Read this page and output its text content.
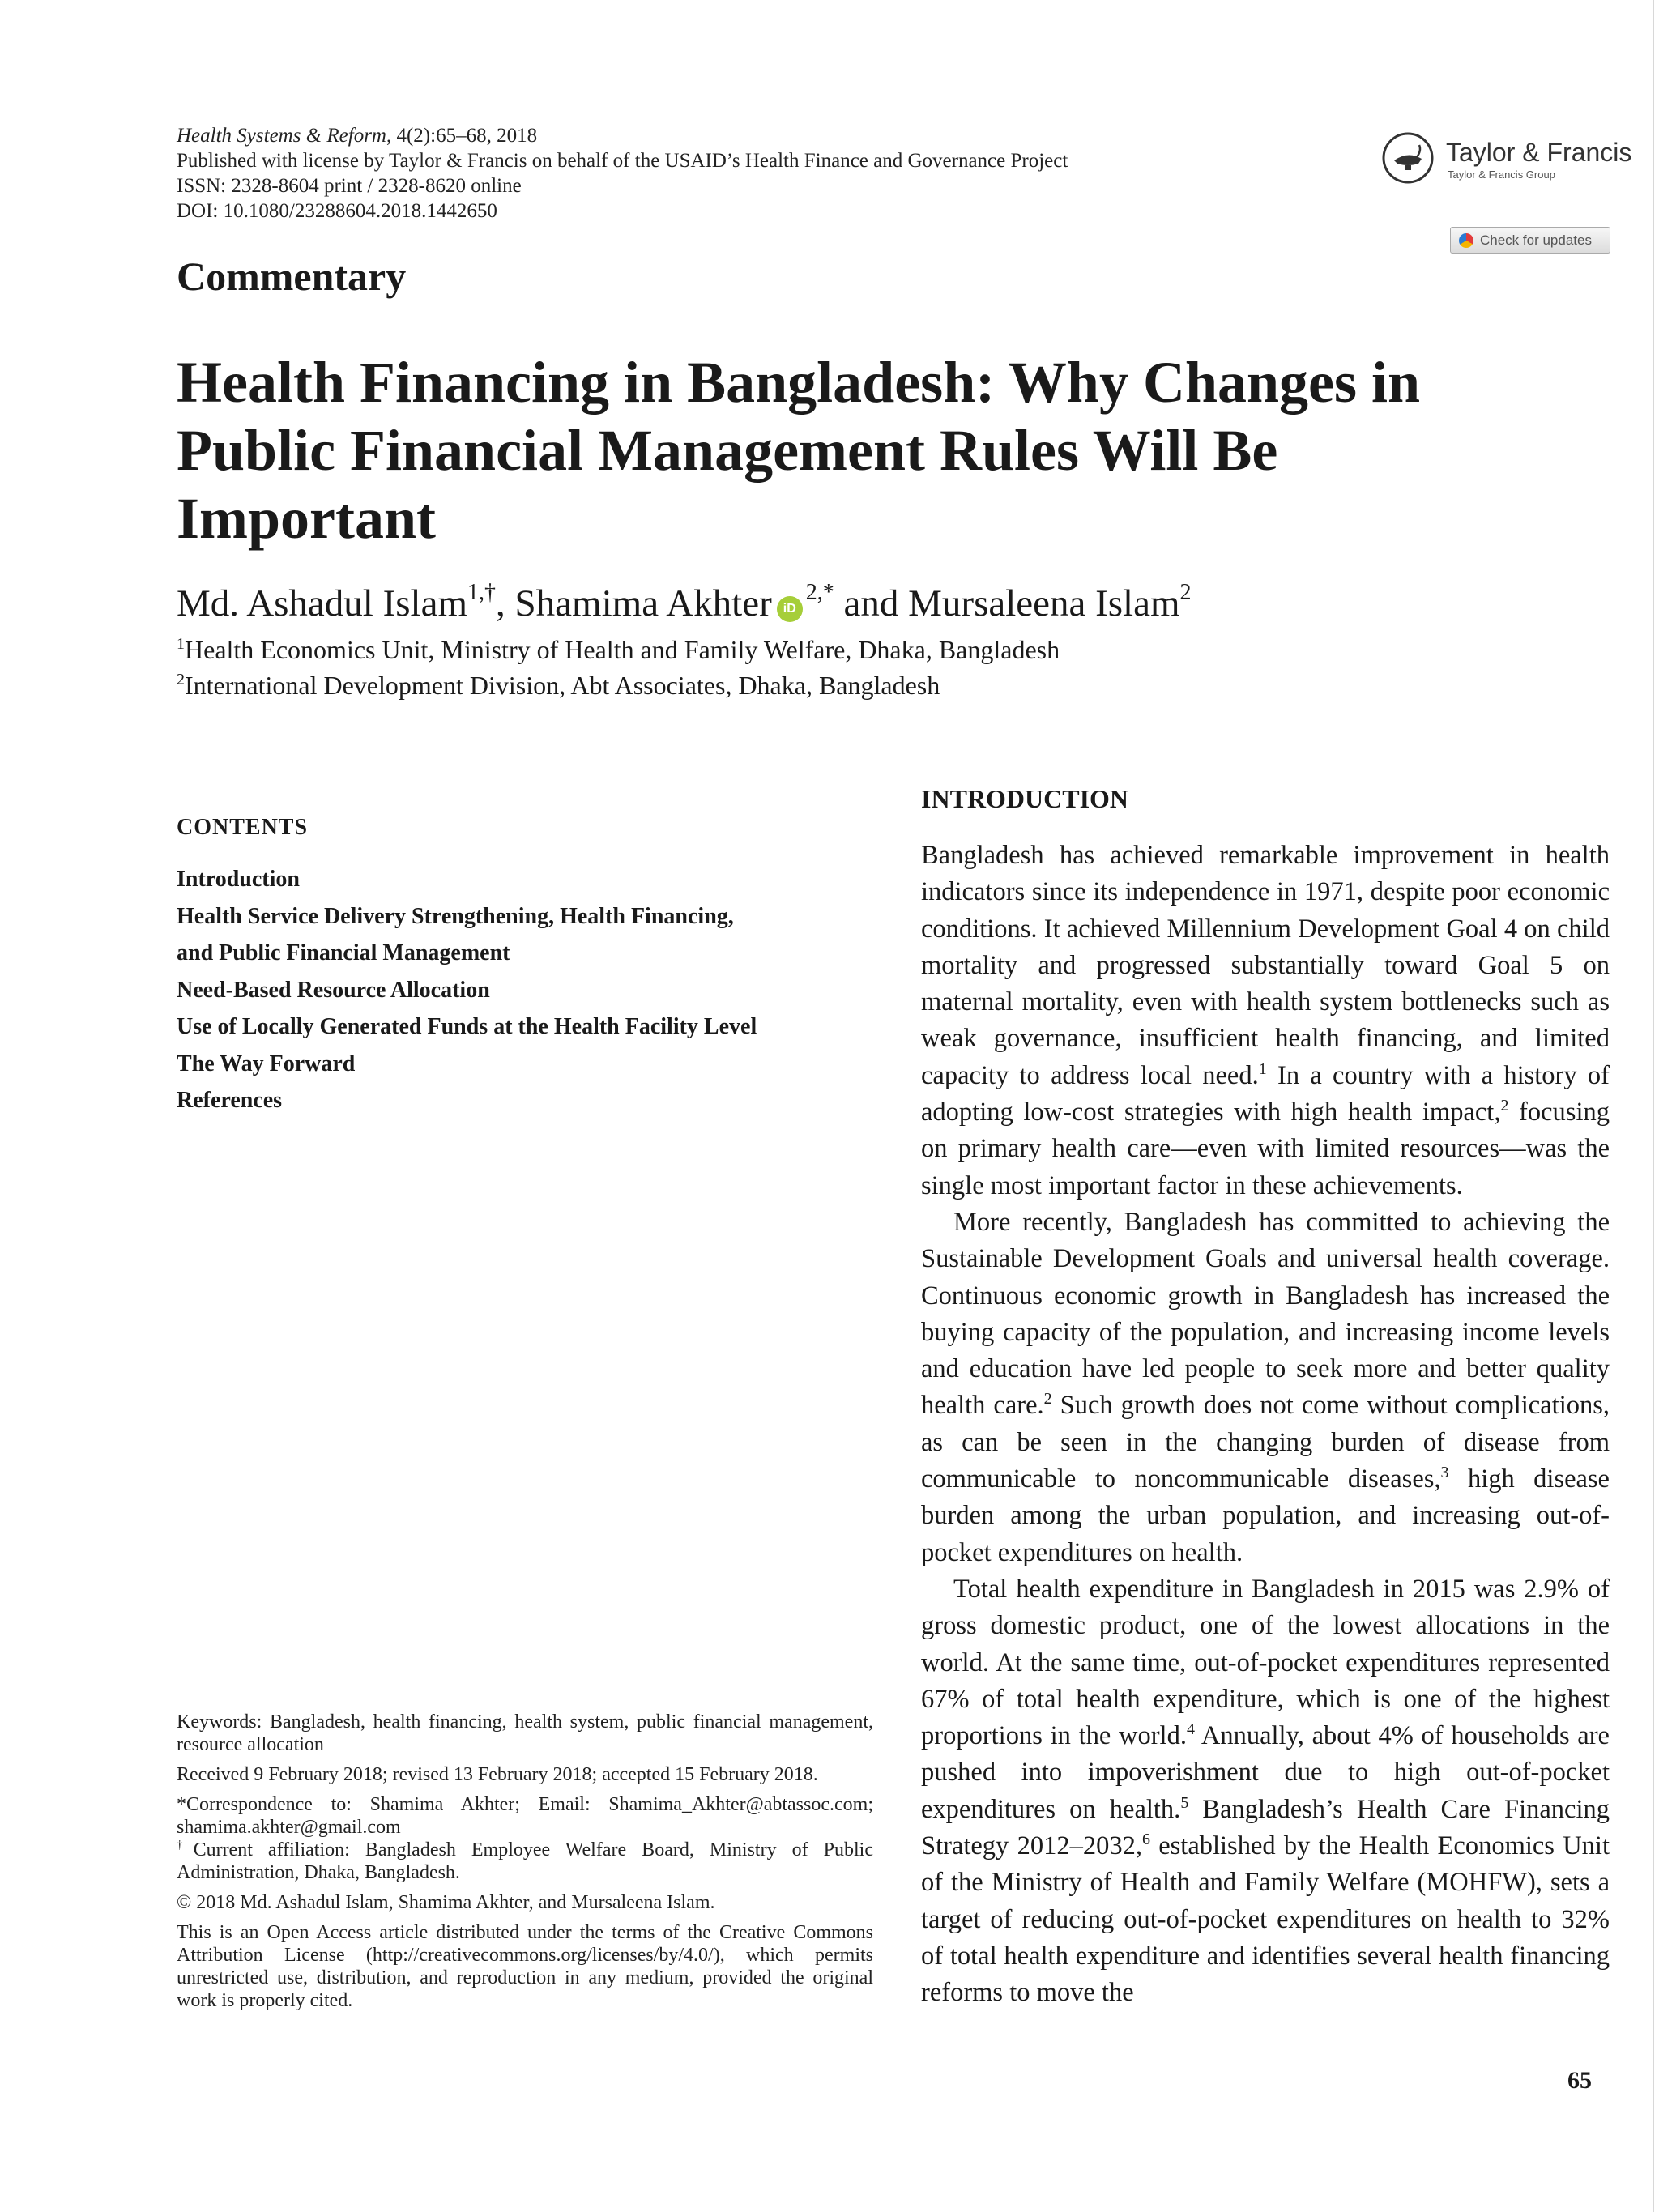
Health Systems & Reform, 4(2):65–68, 2018
Published with license by Taylor & Francis on behalf of the USAID’s Health Finance and Governance Project
ISSN: 2328-8604 print / 2328-8620 online
DOI: 10.1080/23288604.2018.1442650
Taylor & Francis
Taylor & Francis Group
Check for updates
Commentary
Health Financing in Bangladesh: Why Changes in Public Financial Management Rules Will Be Important
Md. Ashadul Islam$^{1,\dagger}$, Shamima Akhter $iD^{2,*}$ and Mursaleena Islam$^2$
$^1$Health Economics Unit, Ministry of Health and Family Welfare, Dhaka, Bangladesh
$^2$International Development Division, Abt Associates, Dhaka, Bangladesh
CONTENTS
Introduction
Health Service Delivery Strengthening, Health Financing,
and Public Financial Management
Need-Based Resource Allocation
Use of Locally Generated Funds at the Health Facility Level
The Way Forward
References

Keywords: Bangladesh, health financing, health system, public financial management, resource allocation

Received 9 February 2018; revised 13 February 2018; accepted 15 February 2018.

*Correspondence to: Shamima Akhter; Email: Shamima_Akhter@abtassoc.com; shamima.akhter@gmail.com

†Current affiliation: Bangladesh Employee Welfare Board, Ministry of Public Administration, Dhaka, Bangladesh.

© 2018 Md. Ashadul Islam, Shamima Akhter, and Mursaleena Islam.

This is an Open Access article distributed under the terms of the Creative Commons Attribution License (http://creativecommons.org/licenses/by/4.0/), which permits unrestricted use, distribution, and reproduction in any medium, provided the original work is properly cited.

INTRODUCTION

Bangladesh has achieved remarkable improvement in health indicators since its independence in 1971, despite poor economic conditions. It achieved Millennium Development Goal 4 on child mortality and progressed substantially toward Goal 5 on maternal mortality, even with health system bottlenecks such as weak governance, insufficient health financing, and limited capacity to address local need.$^1$ In a country with a history of adopting low-cost strategies with high health impact,$^2$ focusing on primary health care—even with limited resources—was the single most important factor in these achievements.

More recently, Bangladesh has committed to achieving the Sustainable Development Goals and universal health coverage. Continuous economic growth in Bangladesh has increased the buying capacity of the population, and increasing income levels and education have led people to seek more and better quality health care.$^2$ Such growth does not come without complications, as can be seen in the changing burden of disease from communicable to noncommunicable diseases,$^3$ high disease burden among the urban population, and increasing out-of-pocket expenditures on health.

Total health expenditure in Bangladesh in 2015 was 2.9% of gross domestic product, one of the lowest allocations in the world. At the same time, out-of-pocket expenditures represented 67% of total health expenditure, which is one of the highest proportions in the world.$^4$ Annually, about 4% of households are pushed into impoverishment due to high out-of-pocket expenditures on health.$^5$ Bangladesh’s Health Care Financing Strategy 2012–2032,$^6$ established by the Health Economics Unit of the Ministry of Health and Family Welfare (MOHFW), sets a target of reducing out-of-pocket expenditures on health to 32% of total health expenditure and identifies several health financing reforms to move the

65
